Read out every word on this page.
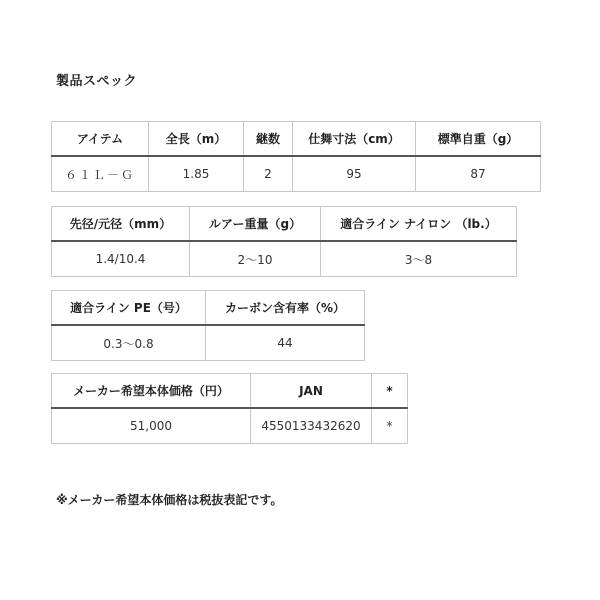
製品スペック
アイテム	全長（m）	継数	仕舞寸法（cm）	標準自重（g）
６１Ｌ－Ｇ	1.85	2	95	87
先径/元径（mm）	ルアー重量（g）	適合ライン ナイロン （lb.）
1.4/10.4	2〜10	3〜8
適合ライン PE（号）	カーボン含有率（%）
0.3〜0.8	44
メーカー希望本体価格（円）	JAN	*
51,000	4550133432620	*
※メーカー希望本体価格は税抜表記です。
